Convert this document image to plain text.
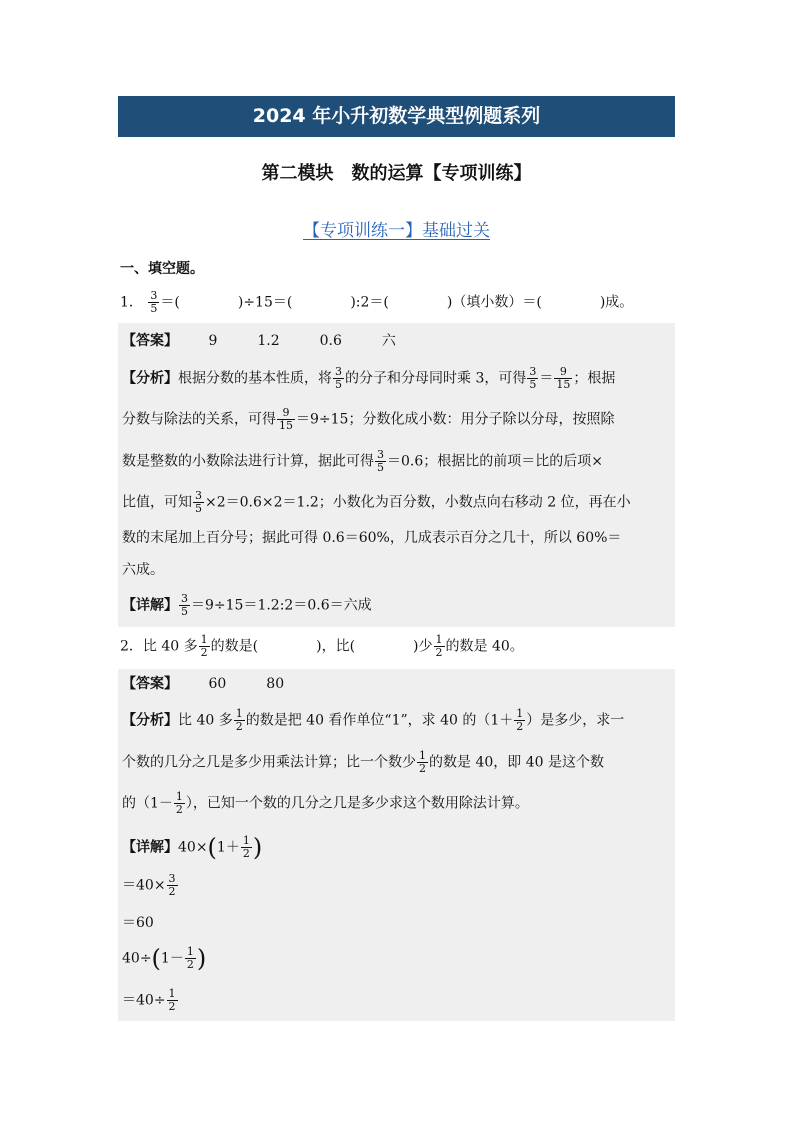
2024 年小升初数学典型例题系列
第二模块　数的运算【专项训练】
【专项训练一】基础过关
一、填空题。
1． $\frac{3}{5}$ ＝(	)÷15＝(	):2＝(	)（填小数）＝(	)成。
【答案】 9	1.2	0.6	六
【分析】根据分数的基本性质，将 $\frac{3}{5}$ 的分子和分母同时乘 3，可得 $\frac{3}{5} = \frac{9}{15}$ ；根据
分数与除法的关系，可得 $\frac{9}{15} =9\div 15$；分数化成小数：用分子除以分母，按照除
数是整数的小数除法进行计算，据此可得 $\frac{3}{5} =0.6$；根据比的前项＝比的后项×
比值，可知 $\frac{3}{5} \times 2=0.6\times 2=1.2$；小数化为百分数，小数点向右移动 2 位，再在小
数的末尾加上百分号；据此可得 0.6＝60%，几成表示百分之几十，所以 60%＝
六成。
【详解】 $\frac{3}{5}$ ＝9÷15＝1.2:2＝0.6＝六成
2．比 40 多 $\frac{1}{2}$ 的数是(	)，比(	)少 $\frac{1}{2}$ 的数是 40。
【答案】 60	80
【分析】比 40 多 $\frac{1}{2}$ 的数是把 40 看作单位“1”，求 40 的（$1+ \frac{1}{2}$ ）是多少，求一
个数的几分之几是多少用乘法计算；比一个数少 $\frac{1}{2}$ 的数是 40，即 40 是这个数
的（$1- \frac{1}{2}$ ），已知一个数的几分之几是多少求这个数用除法计算。
【详解】$40\times(1+ \frac{1}{2}$ )
$=40\times \frac{3}{2}$
＝60
$40\div(1- \frac{1}{2}$ )
$=40\div \frac{1}{2}$
